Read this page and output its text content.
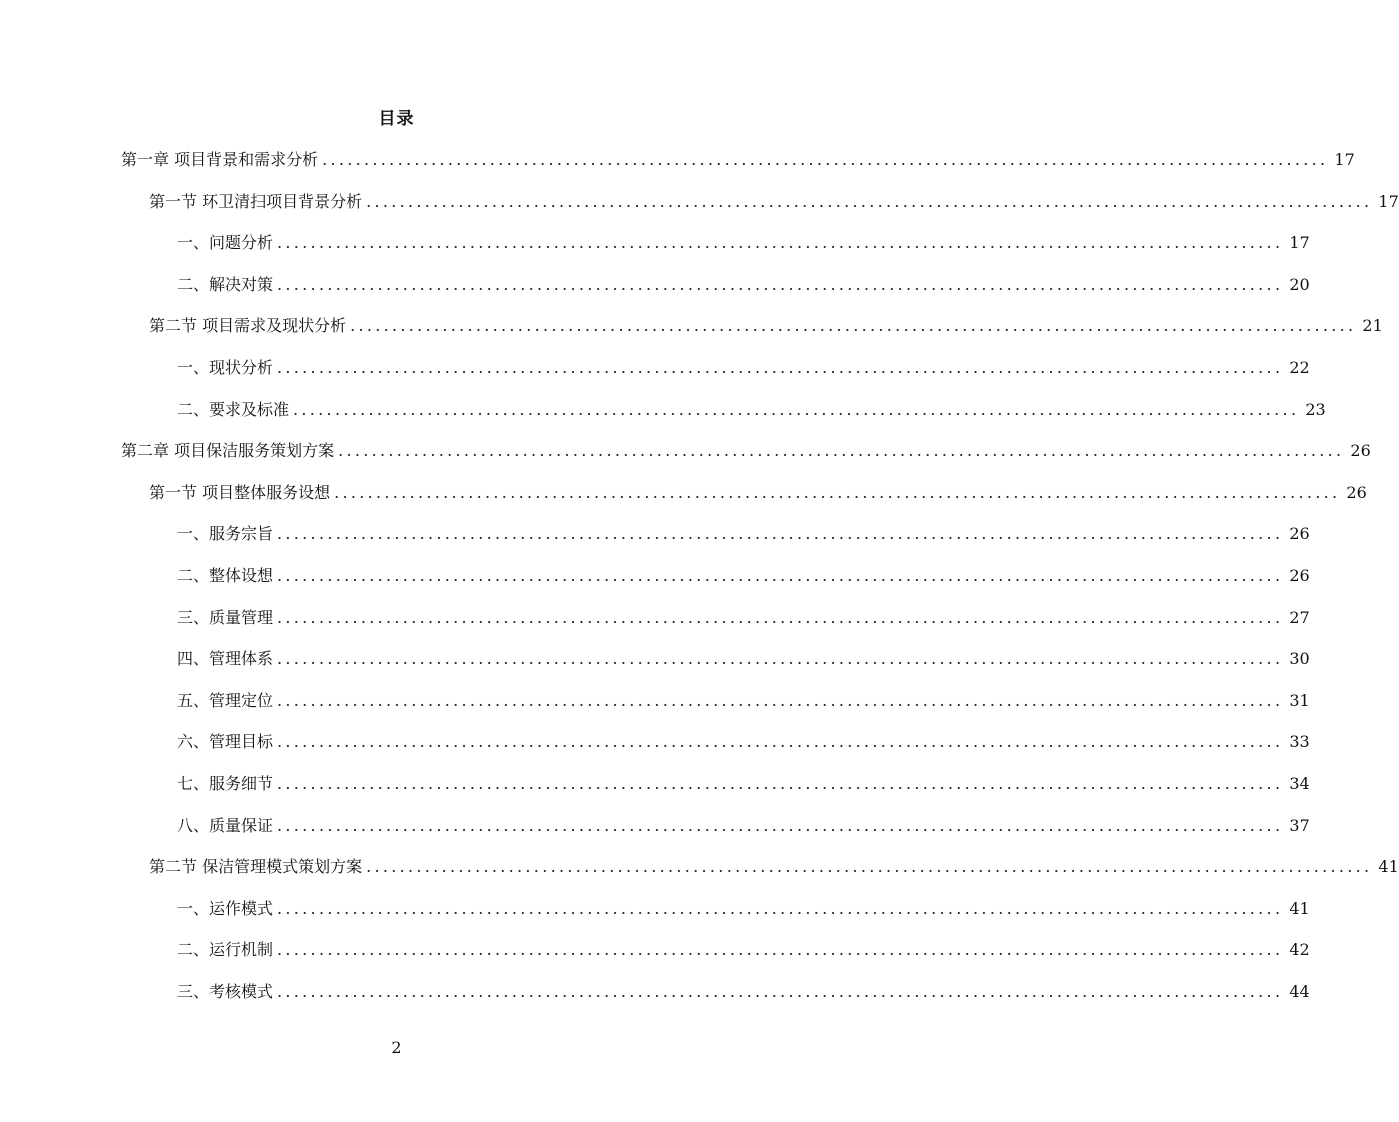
目录
第一章 项目背景和需求分析 ........................................................................................................................ 17
第一节 环卫清扫项目背景分析 ........................................................................................................................ 17
一、问题分析 ........................................................................................................................ 17
二、解决对策 ........................................................................................................................ 20
第二节 项目需求及现状分析 ........................................................................................................................ 21
一、现状分析 ........................................................................................................................ 22
二、要求及标准 ........................................................................................................................ 23
第二章 项目保洁服务策划方案 ........................................................................................................................ 26
第一节 项目整体服务设想 ........................................................................................................................ 26
一、服务宗旨 ........................................................................................................................ 26
二、整体设想 ........................................................................................................................ 26
三、质量管理 ........................................................................................................................ 27
四、管理体系 ........................................................................................................................ 30
五、管理定位 ........................................................................................................................ 31
六、管理目标 ........................................................................................................................ 33
七、服务细节 ........................................................................................................................ 34
八、质量保证 ........................................................................................................................ 37
第二节 保洁管理模式策划方案 ........................................................................................................................ 41
一、运作模式 ........................................................................................................................ 41
二、运行机制 ........................................................................................................................ 42
三、考核模式 ........................................................................................................................ 44
2
